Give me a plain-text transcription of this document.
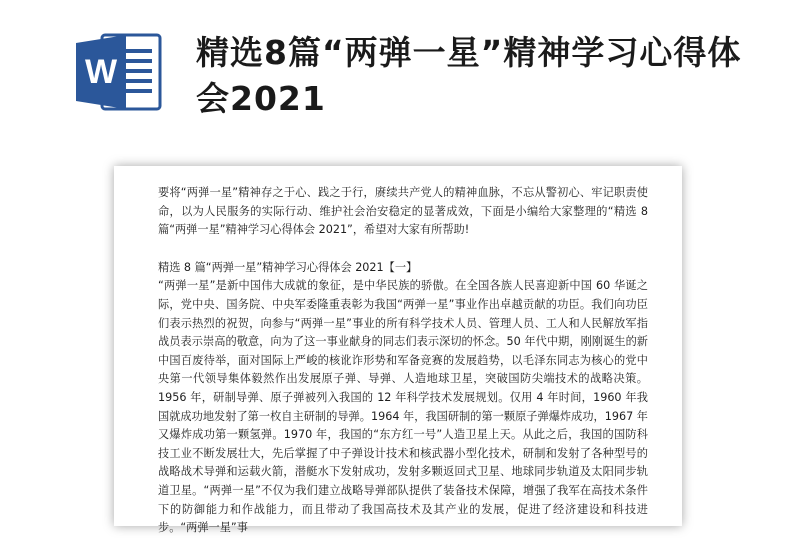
W 精选8篇“两弹一星”精神学习心得体会2021

要将“两弹一星”精神存之于心、践之于行，赓续共产党人的精神血脉，不忘从警初心、牢记职责使命，以为人民服务的实际行动、维护社会治安稳定的显著成效，下面是小编给大家整理的“精选 8 篇“两弹一星”精神学习心得体会 2021”，希望对大家有所帮助!

精选 8 篇“两弹一星”精神学习心得体会 2021【一】

“两弹一星”是新中国伟大成就的象征，是中华民族的骄傲。在全国各族人民喜迎新中国 60 华诞之际，党中央、国务院、中央军委隆重表彰为我国“两弹一星”事业作出卓越贡献的功臣。我们向功臣们表示热烈的祝贺，向参与“两弹一星”事业的所有科学技术人员、管理人员、工人和人民解放军指战员表示崇高的敬意，向为了这一事业献身的同志们表示深切的怀念。50 年代中期，刚刚诞生的新中国百废待举，面对国际上严峻的核讹诈形势和军备竞赛的发展趋势，以毛泽东同志为核心的党中央第一代领导集体毅然作出发展原子弹、导弹、人造地球卫星，突破国防尖端技术的战略决策。1956 年，研制导弹、原子弹被列入我国的 12 年科学技术发展规划。仅用 4 年时间，1960 年我国就成功地发射了第一枚自主研制的导弹。1964 年，我国研制的第一颗原子弹爆炸成功，1967 年又爆炸成功第一颗氢弹。1970 年，我国的“东方红一号”人造卫星上天。从此之后，我国的国防科技工业不断发展壮大，先后掌握了中子弹设计技术和核武器小型化技术，研制和发射了各种型号的战略战术导弹和运载火箭，潜艇水下发射成功，发射多颗返回式卫星、地球同步轨道及太阳同步轨道卫星。“两弹一星”不仅为我们建立战略导弹部队提供了装备技术保障，增强了我军在高技术条件下的防御能力和作战能力，而且带动了我国高技术及其产业的发展，促进了经济建设和科技进步。“两弹一星”事
